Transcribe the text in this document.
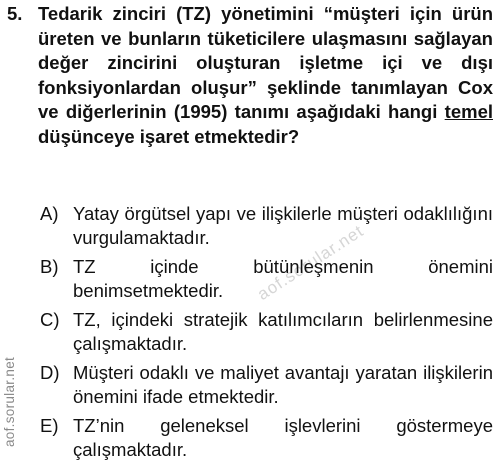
aof.sorular.net
aof.sorular.net
5. Tedarik zinciri (TZ) yönetimini “müşteri için ürün üreten ve bunların tüketicilere ulaşmasını sağlayan değer zincirini oluşturan işletme içi ve dışı fonksiyonlardan oluşur” şeklinde tanımlayan Cox ve diğerlerinin (1995) tanımı aşağıdaki hangi temel düşünceye işaret etmektedir?
A) Yatay örgütsel yapı ve ilişkilerle müşteri odaklılığını vurgulamaktadır.
B) TZ içinde bütünleşmenin önemini benimsetmektedir.
C) TZ, içindeki stratejik katılımcıların belirlenmesine çalışmaktadır.
D) Müşteri odaklı ve maliyet avantajı yaratan ilişkilerin önemini ifade etmektedir.
E) TZ’nin geleneksel işlevlerini göstermeye çalışmaktadır.
